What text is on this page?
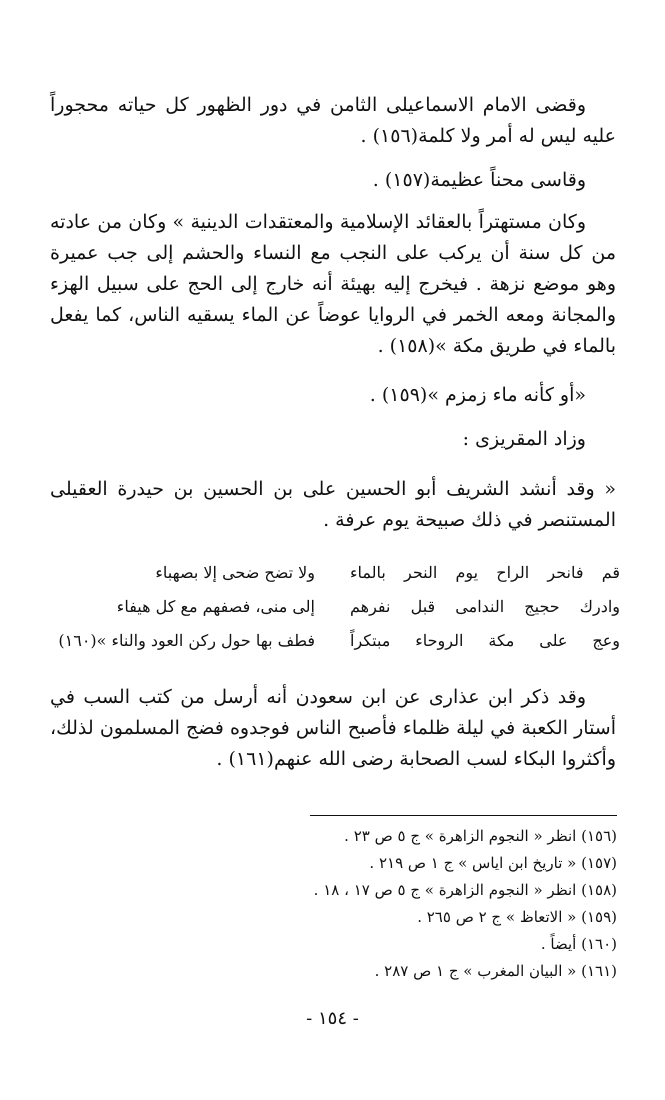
وقضى الامام الاسماعيلى الثامن في دور الظهور كل حياته محجوراً عليه ليس له أمر ولا كلمة(١٥٦) .

وقاسى محناً عظيمة(١٥٧) .

وكان مستهتراً بالعقائد الإسلامية والمعتقدات الدينية » وكان من عادته من كل سنة أن يركب على النجب مع النساء والحشم إلى جب عميرة وهو موضع نزهة . فيخرج إليه بهيئة أنه خارج إلى الحج على سبيل الهزء والمجانة ومعه الخمر في الروايا عوضاً عن الماء يسقيه الناس، كما يفعل بالماء في طريق مكة »(١٥٨) .

«أو كأنه ماء زمزم »(١٥٩) .

وزاد المقريزى :

« وقد أنشد الشريف أبو الحسين على بن الحسين بن حيدرة العقيلى المستنصر في ذلك صبيحة يوم عرفة .

قم فانحر الراح يوم النحر بالماء
ولا تضح ضحى إلا بصهباء
وادرك حجيج الندامى قبل نفرهم
إلى منى، فصفهم مع كل هيفاء
وعج على مكة الروحاء مبتكراً
فطف بها حول ركن العود والناء »(١٦٠)

وقد ذكر ابن عذارى عن ابن سعودن أنه أرسل من كتب السب في أستار الكعبة في ليلة ظلماء فأصبح الناس فوجدوه فضج المسلمون لذلك، وأكثروا البكاء لسب الصحابة رضى الله عنهم(١٦١) .

(١٥٦) انظر « النجوم الزاهرة » ج ٥ ص ٢٣ .
(١٥٧) « تاريخ ابن اياس » ج ١ ص ٢١٩ .
(١٥٨) انظر « النجوم الزاهرة » ج ٥ ص ١٧ ، ١٨ .
(١٥٩) « الاتعاظ » ج ٢ ص ٢٦٥ .
(١٦٠) أيضاً .
(١٦١) « البيان المغرب » ج ١ ص ٢٨٧ .
- ١٥٤ -
